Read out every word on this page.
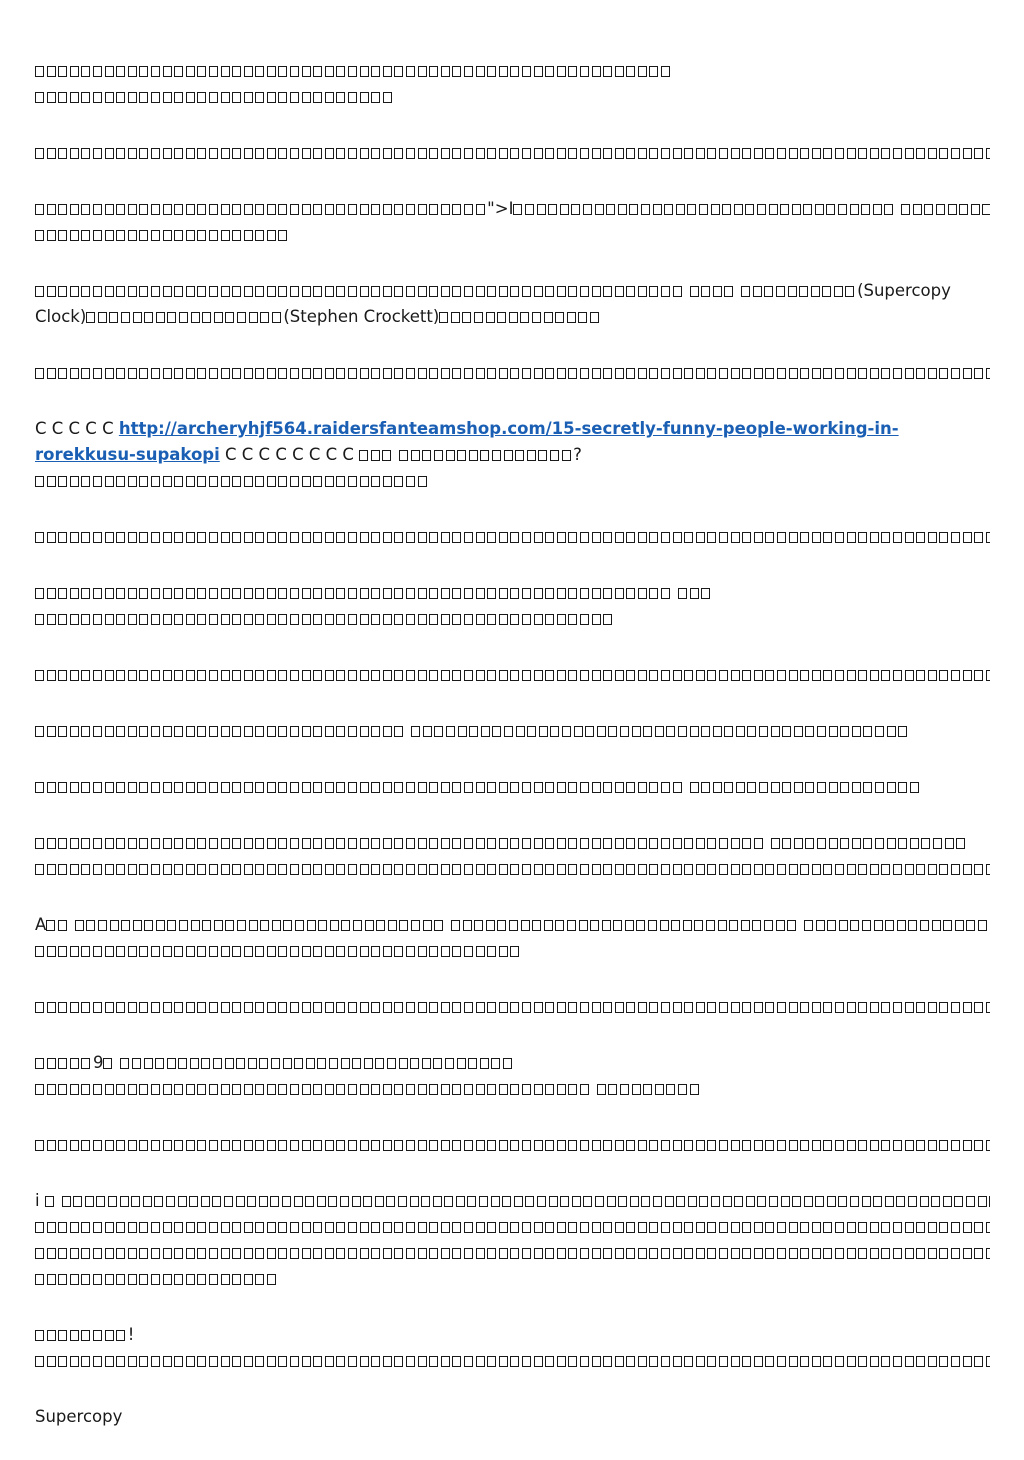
">I
(Supercopy
Clock)	(Stephen Crockett)
C C C C C http://archeryhjf564.raidersfanteamshop.com/15-secretly-funny-people-working-in-
rorekkusu-supakopi C C C C C C C C	?

A
9

i
!
Supercopy
